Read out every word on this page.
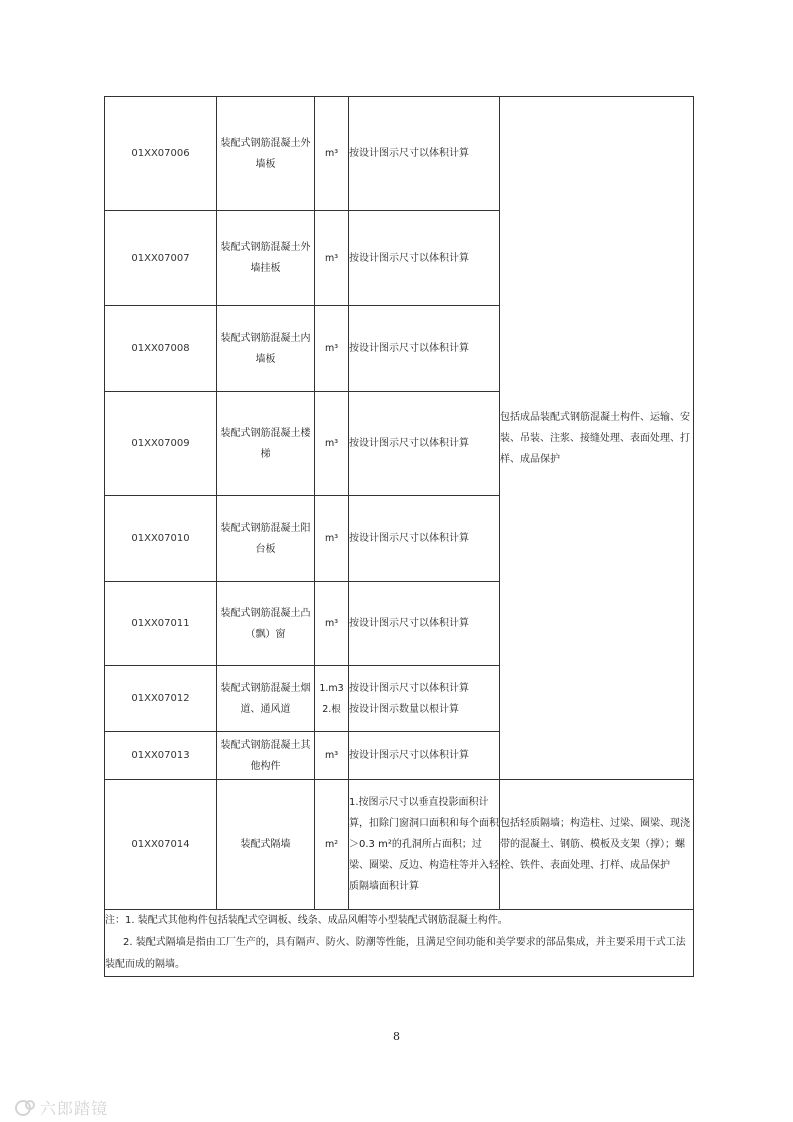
01XX07006	装配式钢筋混凝土外墙板	m³	按设计图示尺寸以体积计算	包括成品装配式钢筋混凝土构件、运输、安装、吊装、注浆、接缝处理、表面处理、打样、成品保护
01XX07007	装配式钢筋混凝土外墙挂板	m³	按设计图示尺寸以体积计算	

01XX07008	装配式钢筋混凝土内墙板	m³	按设计图示尺寸以体积计算	

01XX07009	装配式钢筋混凝土楼梯	m³	按设计图示尺寸以体积计算	

01XX07010	装配式钢筋混凝土阳台板	m³	按设计图示尺寸以体积计算	

01XX07011	装配式钢筋混凝土凸（飘）窗	m³	按设计图示尺寸以体积计算	

01XX07012	装配式钢筋混凝土烟道、通风道	1.m3 2.根	按设计图示尺寸以体积计算
按设计图示数量以根计算	

01XX07013	装配式钢筋混凝土其他构件	m³	按设计图示尺寸以体积计算	

01XX07014	装配式隔墙	m²	1.按图示尺寸以垂直投影面积计算，扣除门窗洞口面积和每个面积＞0.3 m²的孔洞所占面积；过梁、圈梁、反边、构造柱等并入轻质隔墙面积计算	包括轻质隔墙；构造柱、过梁、圈梁、现浇带的混凝土、钢筋、模板及支架（撑）；螺栓、铁件、表面处理、打样、成品保护

注：1. 装配式其他构件包括装配式空调板、线条、成品风帽等小型装配式钢筋混凝土构件。
2. 装配式隔墙是指由工厂生产的，具有隔声、防火、防潮等性能，且满足空间功能和美学要求的部品集成，并主要采用干式工法装配而成的隔墙。				
8
六郎踏镜
